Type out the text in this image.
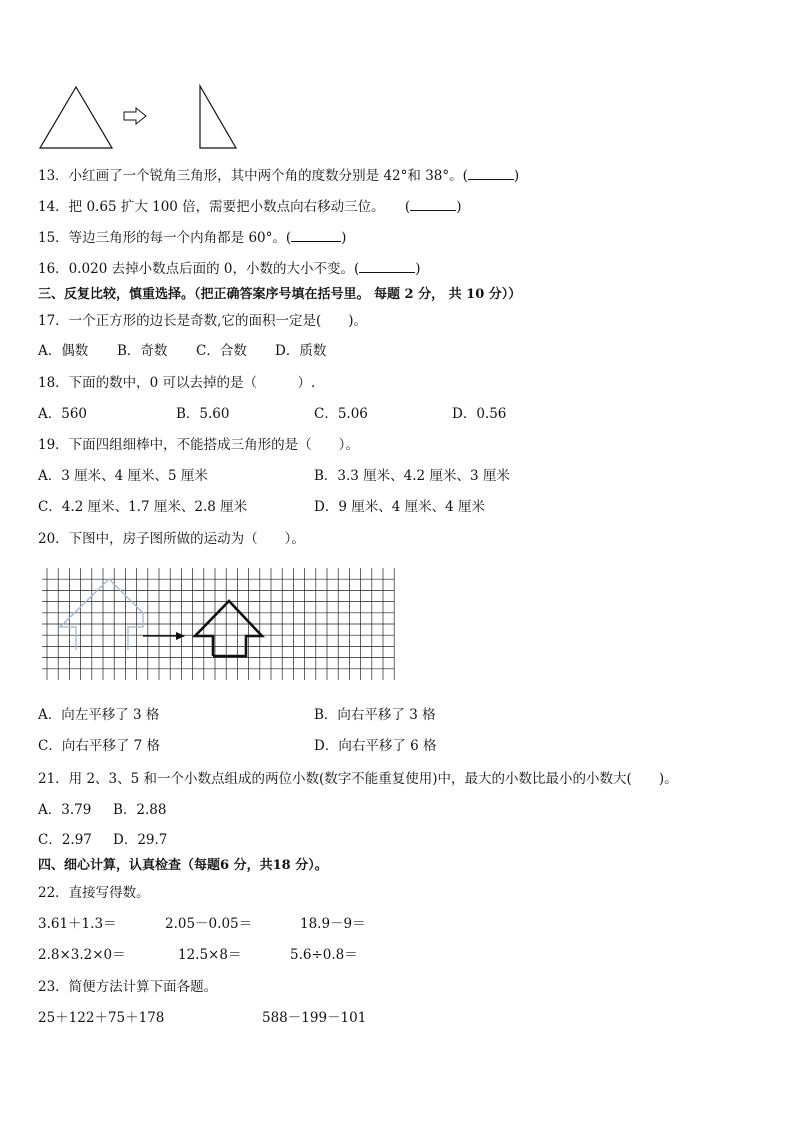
13．小红画了一个锐角三角形，其中两个角的度数分别是 42°和 38°。(	)
14．把 0.65 扩大 100 倍，需要把小数点向右移动三位。　　(	)
15．等边三角形的每一个内角都是 60°。(	)
16．0.020 去掉小数点后面的 0，小数的大小不变。(	)
三、反复比较，慎重选择。（把正确答案序号填在括号里。 每题 2 分， 共 10 分））
17．一个正方形的边长是奇数,它的面积一定是(　　)。
A．偶数 B．奇数 C．合数 D．质数
18．下面的数中，0 可以去掉的是（　　　）.
A．560	B．5.60	C．5.06	D．0.56
19．下面四组细棒中，不能搭成三角形的是（　　）。
A．3 厘米、4 厘米、5 厘米	B．3.3 厘米、4.2 厘米、3 厘米
C．4.2 厘米、1.7 厘米、2.8 厘米	D．9 厘米、4 厘米、4 厘米
20．下图中，房子图所做的运动为（　　）。
A．向左平移了 3 格	B．向右平移了 3 格
C．向右平移了 7 格	D．向右平移了 6 格
21．用 2、3、5 和一个小数点组成的两位小数(数字不能重复使用)中，最大的小数比最小的小数大(　　)。
A．3.79 B．2.88
C．2.97 D．29.7
四、细心计算，认真检查（每题6 分，共18 分）。
22．直接写得数。
3.61＋1.3＝	2.05－0.05＝	18.9－9＝
2.8×3.2×0＝	12.5×8＝	5.6÷0.8＝
23．简便方法计算下面各题。
25＋122＋75＋178	588－199－101
